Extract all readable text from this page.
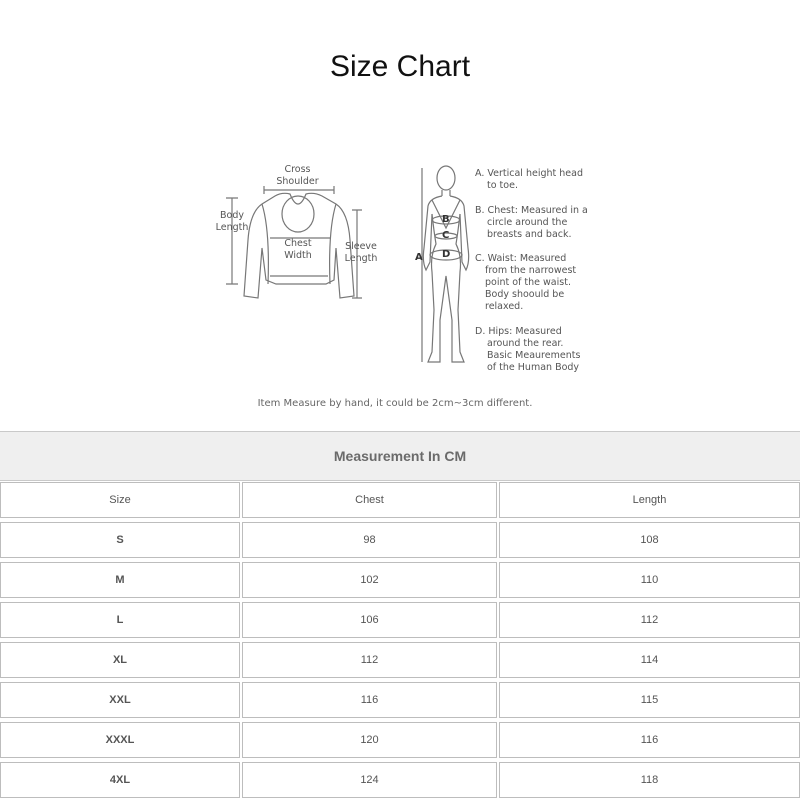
Size Chart
Cross
Shoulder
Body
Length
Chest
Width
Sleeve
Length	A
B
C
D
A. Vertical height head
to toe.
B. Chest: Measured in a
circle around the
breasts and back.
C. Waist: Measured
from the narrowest
point of the waist.
Body shoould be
relaxed.
D. Hips: Measured
around the rear.
Basic Meaurements
of the Human Body
Item Measure by hand, it could be 2cm~3cm different.
Measurement In CM
Size	Chest	Length
S	98	108
M	102	110
L	106	112
XL	112	114
XXL	116	115
XXXL	120	116
4XL	124	118
